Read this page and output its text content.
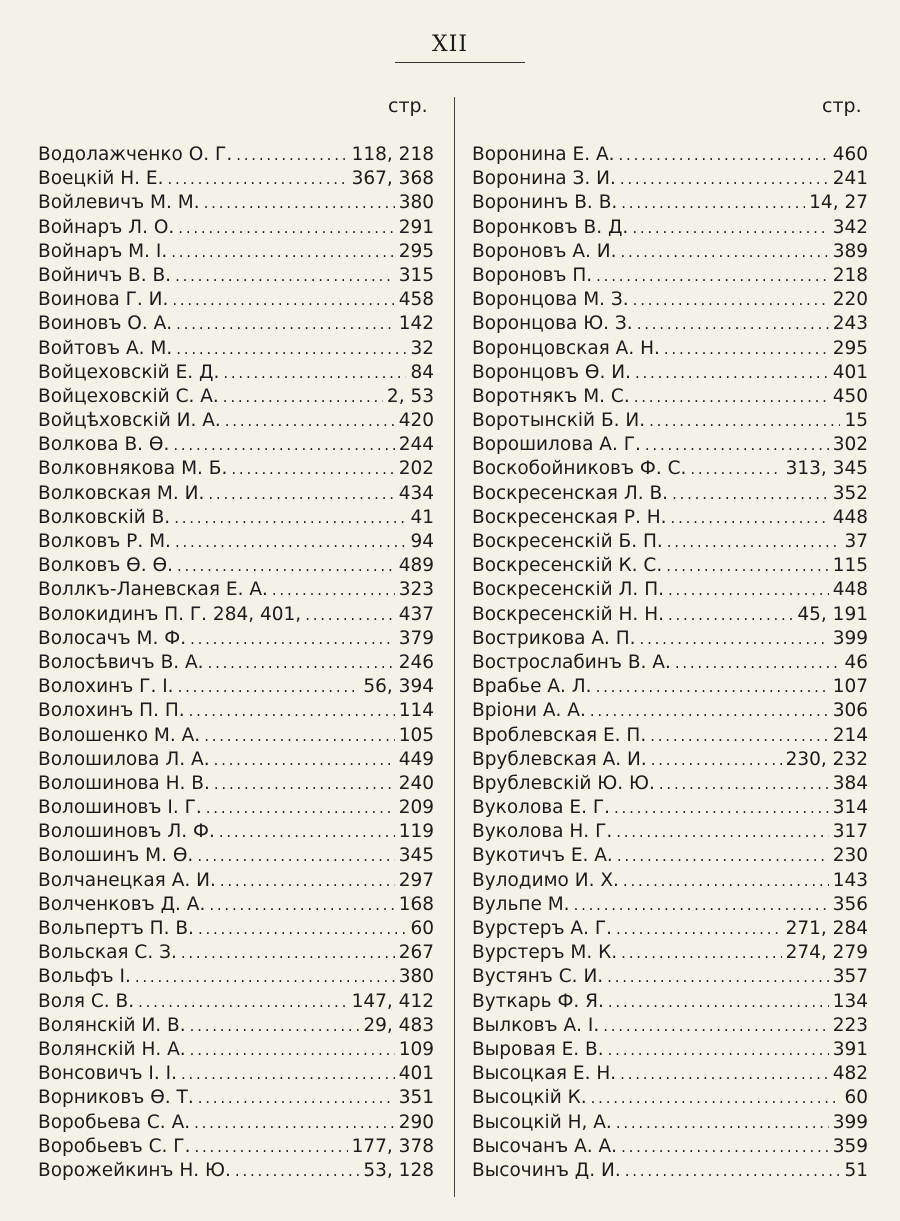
XII
стр.	стр.
Водолажченко О. Г. . . .	118, 218
Воецкій Н. Е. . . .	367, 368
Войлевичъ М. М. . . .	380
Войнаръ Л. О. . . .	291
Войнаръ М. І. . . .	295
Войничъ В. В. . . .	315
Воинова Г. И. . . .	458
Воиновъ О. А. . . .	142
Войтовъ А. М. . . .	32
Войцеховскій Е. Д. . . .	84
Войцеховскій С. А. . . .	2, 53
Войцѣховскій И. А. . . .	420
Волкова В. Ѳ. . . .	244
Волковнякова М. Б. . . .	202
Волковская М. И. . . .	434
Волковскій В. . . .	41
Волковъ Р. М. . . .	94
Волковъ Ѳ. Ѳ. . . .	489
Воллкъ-Ланевская Е. А. . . .	323
Волокидинъ П. Г. 284, 401, . . .	437
Волосачъ М. Ф. . . .	379
Волосѣвичъ В. А. . . .	246
Волохинъ Г. І. . . .	56, 394
Волохинъ П. П. . . .	114
Волошенко М. А. . . .	105
Волошилова Л. А. . . .	449
Волошинова Н. В. . . .	240
Волошиновъ І. Г. . . .	209
Волошиновъ Л. Ф. . . .	119
Волошинъ М. Ѳ. . . .	345
Волчанецкая А. И. . . .	297
Волченковъ Д. А. . . .	168
Вольпертъ П. В. . . .	60
Вольская С. З. . . .	267
Вольфъ І. . . .	380
Воля С. В. . . .	147, 412
Волянскій И. В. . . .	29, 483
Волянскій Н. А. . . .	109
Вонсовичъ І. І. . . .	401
Ворниковъ Ѳ. Т. . . .	351
Воробьева С. А. . . .	290
Воробьевъ С. Г. . . .	177, 378
Ворожейкинъ Н. Ю. . . .	53, 128
Воронина Е. А. . . .	460
Воронина З. И. . . .	241
Воронинъ В. В. . . .	14, 27
Воронковъ В. Д. . . .	342
Вороновъ А. И. . . .	389
Вороновъ П. . . .	218
Воронцова М. З. . . .	220
Воронцова Ю. З. . . .	243
Воронцовская А. Н. . . .	295
Воронцовъ Ѳ. И. . . .	401
Воротнякъ М. С. . . .	450
Воротынскій Б. И. . . .	15
Ворошилова А. Г. . . .	302
Воскобойниковъ Ф. С. . . .	313, 345
Воскресенская Л. В. . . .	352
Воскресенская Р. Н. . . .	448
Воскресенскій Б. П. . . .	37
Воскресенскій К. С. . . .	115
Воскресенскій Л. П. . . .	448
Воскресенскій Н. Н. . . .	45, 191
Вострикова А. П. . . .	399
Вострослабинъ В. А. . . .	46
Врабье А. Л. . . .	107
Вріони А. А. . . .	306
Вроблевская Е. П. . . .	214
Врублевская А. И. . . .	230, 232
Врублевскій Ю. Ю. . . .	384
Вуколова Е. Г. . . .	314
Вуколова Н. Г. . . .	317
Вукотичъ Е. А. . . .	230
Вулодимо И. Х. . . .	143
Вульпе М. . . .	356
Вурстеръ А. Г. . . .	271, 284
Вурстеръ М. К. . . .	274, 279
Вустянъ С. И. . . .	357
Вуткарь Ф. Я. . . .	134
Вылковъ А. І. . . .	223
Выровая Е. В. . . .	391
Высоцкая Е. Н. . . .	482
Высоцкій К. . . .	60
Высоцкій Н, А. . . .	399
Высочанъ А. А. . . .	359
Высочинъ Д. И. . . .	51
